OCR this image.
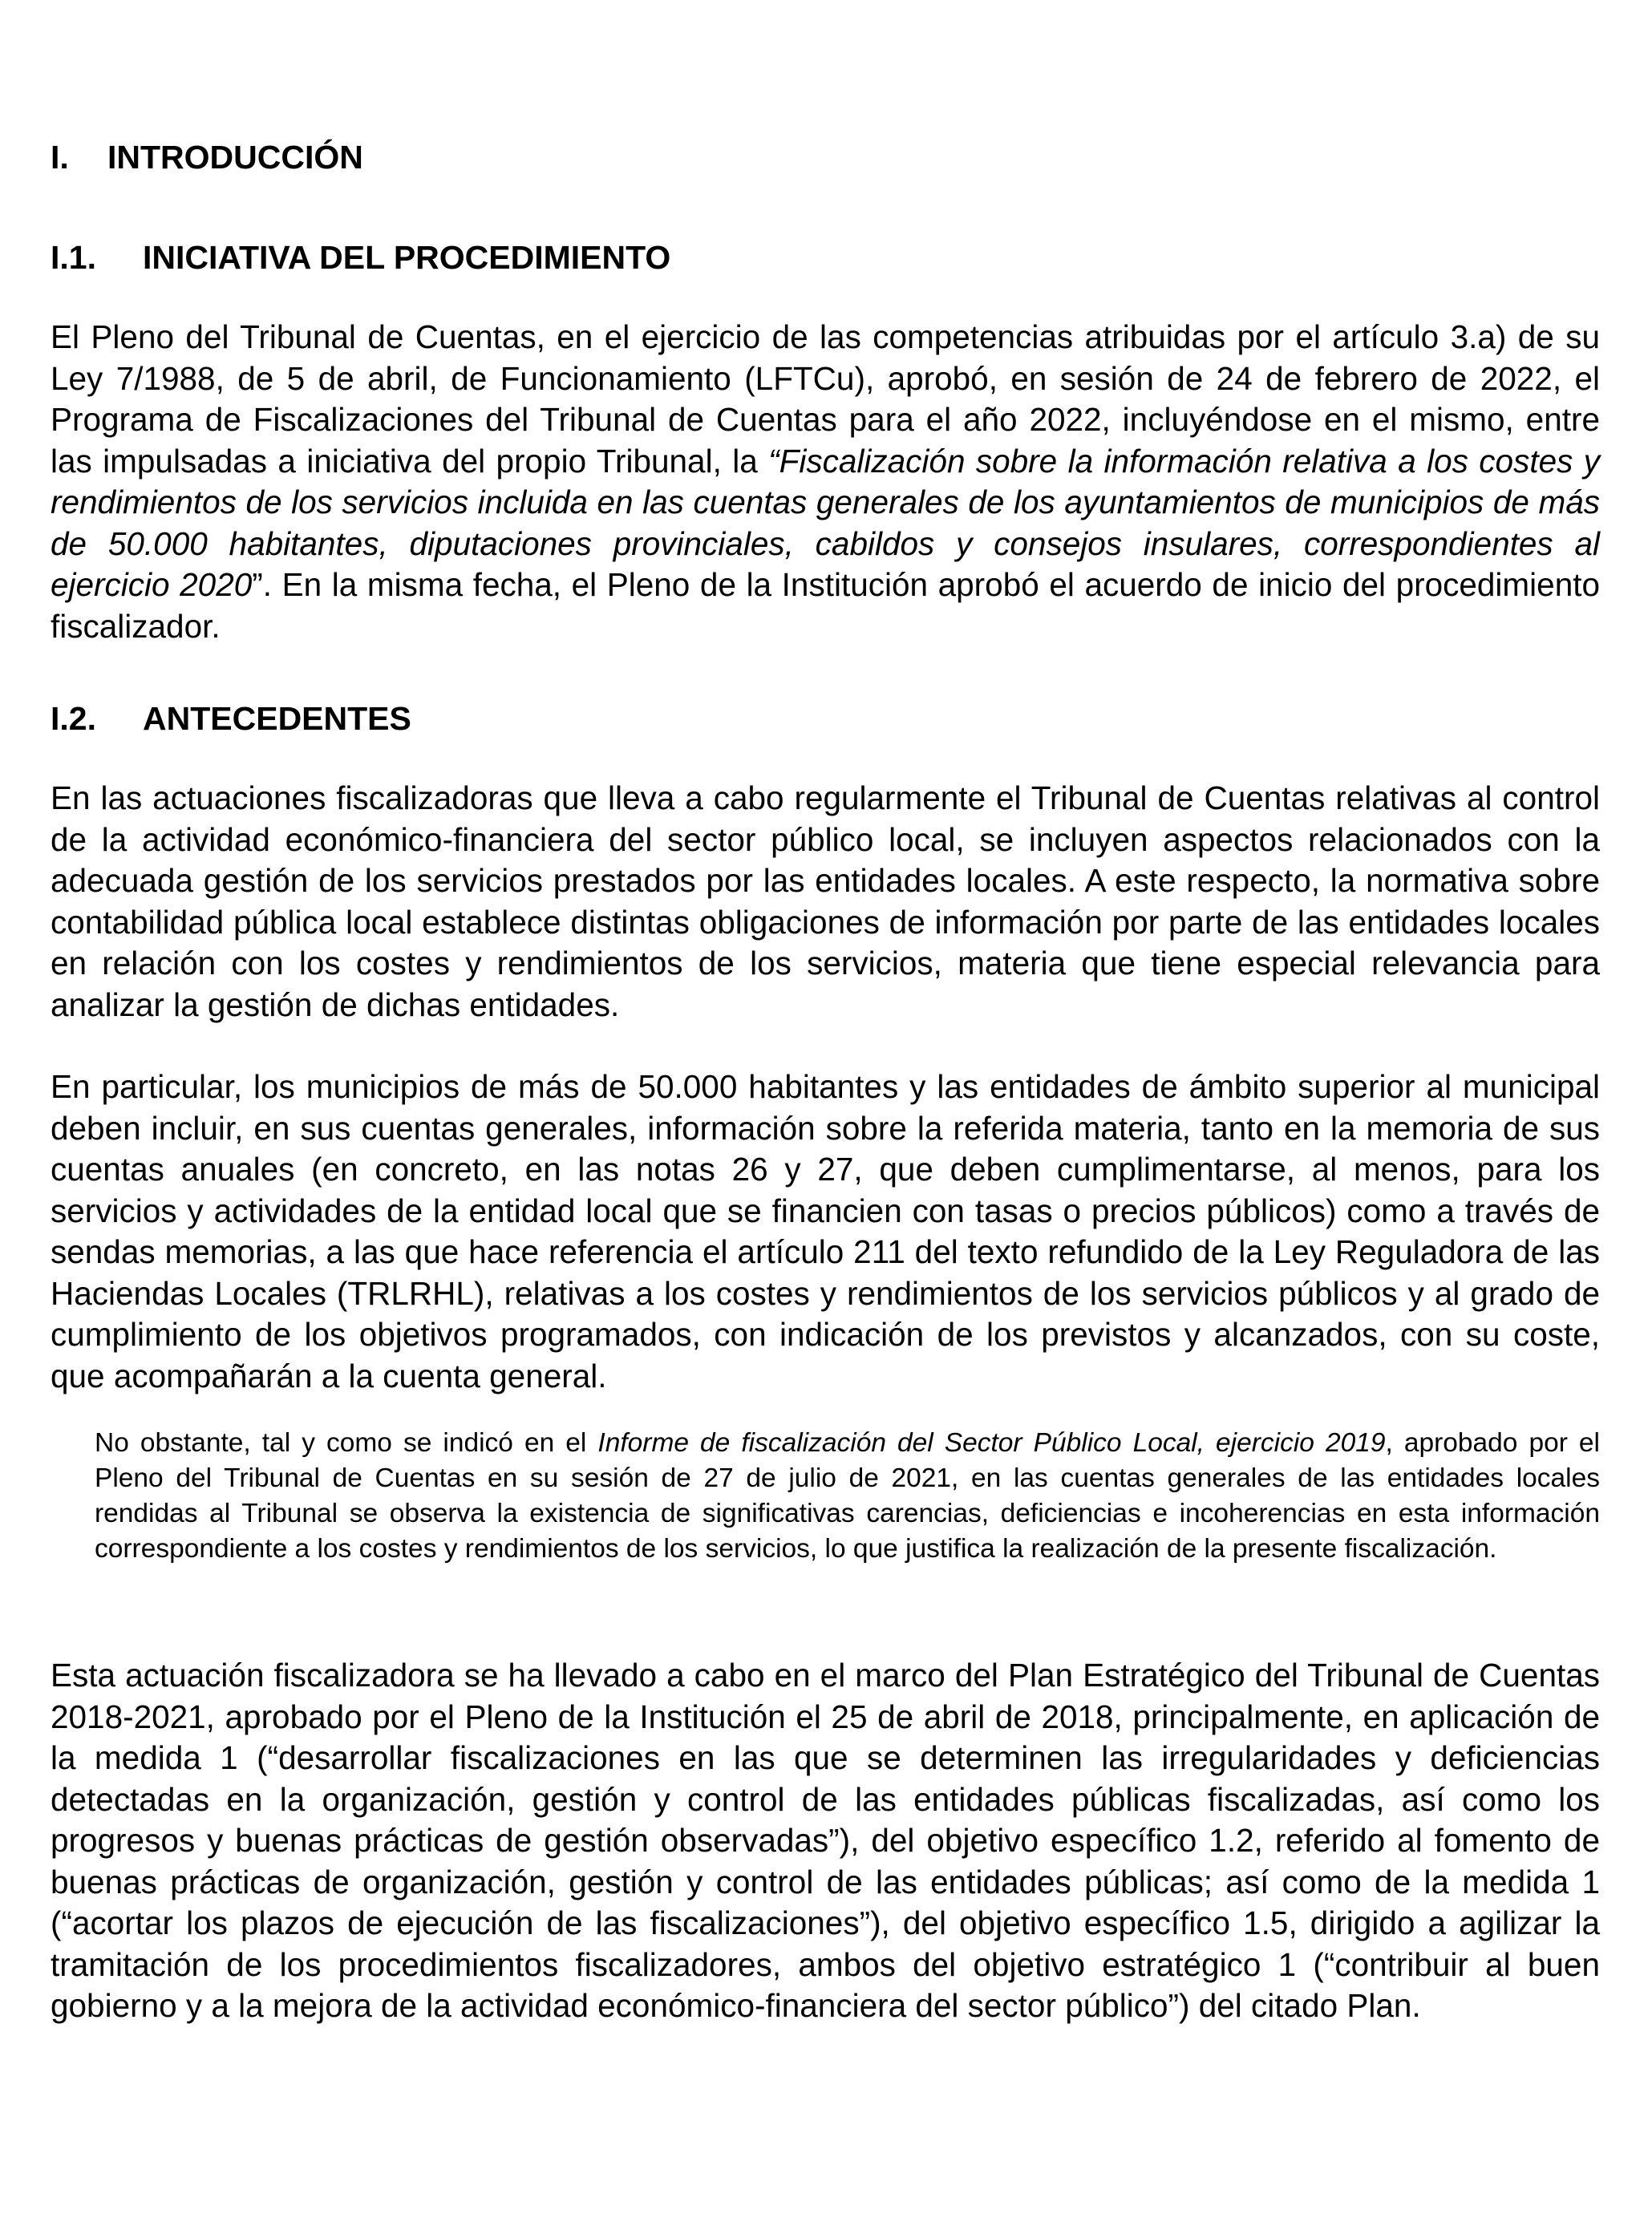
I. INTRODUCCIÓN
I.1. INICIATIVA DEL PROCEDIMIENTO

El Pleno del Tribunal de Cuentas, en el ejercicio de las competencias atribuidas por el artículo 3.a) de su Ley 7/1988, de 5 de abril, de Funcionamiento (LFTCu), aprobó, en sesión de 24 de febrero de 2022, el Programa de Fiscalizaciones del Tribunal de Cuentas para el año 2022, incluyéndose en el mismo, entre las impulsadas a iniciativa del propio Tribunal, la “Fiscalización sobre la información relativa a los costes y rendimientos de los servicios incluida en las cuentas generales de los ayuntamientos de municipios de más de 50.000 habitantes, diputaciones provinciales, cabildos y consejos insulares, correspondientes al ejercicio 2020”. En la misma fecha, el Pleno de la Institución aprobó el acuerdo de inicio del procedimiento fiscalizador.

I.2. ANTECEDENTES

En las actuaciones fiscalizadoras que lleva a cabo regularmente el Tribunal de Cuentas relativas al control de la actividad económico-financiera del sector público local, se incluyen aspectos relacionados con la adecuada gestión de los servicios prestados por las entidades locales. A este respecto, la normativa sobre contabilidad pública local establece distintas obligaciones de información por parte de las entidades locales en relación con los costes y rendimientos de los servicios, materia que tiene especial relevancia para analizar la gestión de dichas entidades.

En particular, los municipios de más de 50.000 habitantes y las entidades de ámbito superior al municipal deben incluir, en sus cuentas generales, información sobre la referida materia, tanto en la memoria de sus cuentas anuales (en concreto, en las notas 26 y 27, que deben cumplimentarse, al menos, para los servicios y actividades de la entidad local que se financien con tasas o precios públicos) como a través de sendas memorias, a las que hace referencia el artículo 211 del texto refundido de la Ley Reguladora de las Haciendas Locales (TRLRHL), relativas a los costes y rendimientos de los servicios públicos y al grado de cumplimiento de los objetivos programados, con indicación de los previstos y alcanzados, con su coste, que acompañarán a la cuenta general.

No obstante, tal y como se indicó en el Informe de fiscalización del Sector Público Local, ejercicio 2019, aprobado por el Pleno del Tribunal de Cuentas en su sesión de 27 de julio de 2021, en las cuentas generales de las entidades locales rendidas al Tribunal se observa la existencia de significativas carencias, deficiencias e incoherencias en esta información correspondiente a los costes y rendimientos de los servicios, lo que justifica la realización de la presente fiscalización.

Esta actuación fiscalizadora se ha llevado a cabo en el marco del Plan Estratégico del Tribunal de Cuentas 2018-2021, aprobado por el Pleno de la Institución el 25 de abril de 2018, principalmente, en aplicación de la medida 1 (“desarrollar fiscalizaciones en las que se determinen las irregularidades y deficiencias detectadas en la organización, gestión y control de las entidades públicas fiscalizadas, así como los progresos y buenas prácticas de gestión observadas”), del objetivo específico 1.2, referido al fomento de buenas prácticas de organización, gestión y control de las entidades públicas; así como de la medida 1 (“acortar los plazos de ejecución de las fiscalizaciones”), del objetivo específico 1.5, dirigido a agilizar la tramitación de los procedimientos fiscalizadores, ambos del objetivo estratégico 1 (“contribuir al buen gobierno y a la mejora de la actividad económico-financiera del sector público”) del citado Plan.
